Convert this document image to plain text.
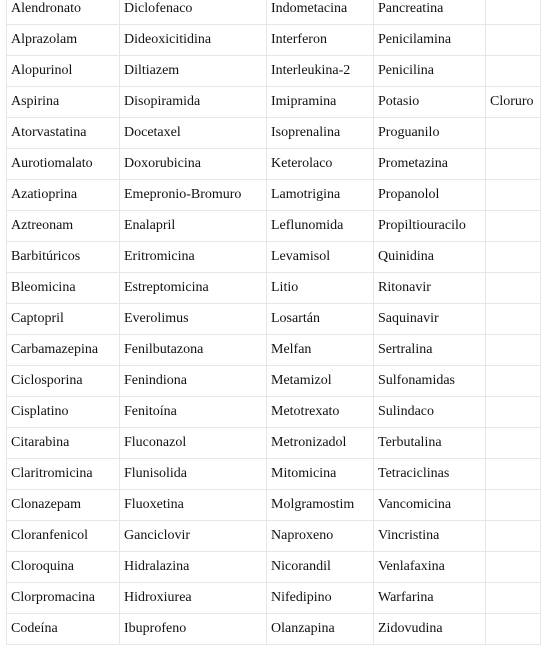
Alendronato	Diclofenaco	Indometacina	Pancreatina	
Alprazolam	Dideoxicitidina	Interferon	Penicilamina	
Alopurinol	Diltiazem	Interleukina-2	Penicilina	
Aspirina	Disopiramida	Imipramina	Potasio	Cloruro
Atorvastatina	Docetaxel	Isoprenalina	Proguanilo	
Aurotiomalato	Doxorubicina	Keterolaco	Prometazina	
Azatioprina	Emepronio-Bromuro	Lamotrigina	Propanolol	
Aztreonam	Enalapril	Leflunomida	Propiltiouracilo	
Barbitúricos	Eritromicina	Levamisol	Quinidina	
Bleomicina	Estreptomicina	Litio	Ritonavir	
Captopril	Everolimus	Losartán	Saquinavir	
Carbamazepina	Fenilbutazona	Melfan	Sertralina	
Ciclosporina	Fenindiona	Metamizol	Sulfonamidas	
Cisplatino	Fenitoína	Metotrexato	Sulindaco	
Citarabina	Fluconazol	Metronizadol	Terbutalina	
Claritromicina	Flunisolida	Mitomicina	Tetraciclinas	
Clonazepam	Fluoxetina	Molgramostim	Vancomicina	
Cloranfenicol	Ganciclovir	Naproxeno	Vincristina	
Cloroquina	Hidralazina	Nicorandil	Venlafaxina	
Clorpromacina	Hidroxiurea	Nifedipino	Warfarina	
Codeína	Ibuprofeno	Olanzapina	Zidovudina	
